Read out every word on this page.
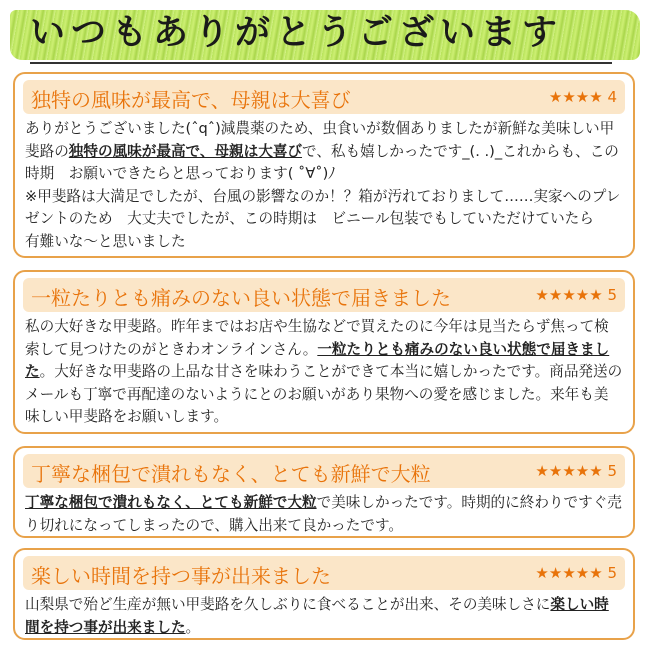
いつもありがとうございます
独特の風味が最高で、母親は大喜び	★★★★ 4
ありがとうございました(ˆqˆ)減農薬のため、虫食いが数個ありましたが新鮮な美味しい甲斐路の独特の風味が最高で、母親は大喜びで、私も嬉しかったです_(. .)_これからも、この時期　お願いできたらと思っております( ˚∀˚)ﾉ
※甲斐路は大満足でしたが、台風の影響なのか！？箱が汚れておりまして……実家へのプレゼントのため　大丈夫でしたが、この時期は　ビニール包装でもしていただけていたら　有難いな〜と思いました
一粒たりとも痛みのない良い状態で届きました	★★★★★ 5
私の大好きな甲斐路。昨年まではお店や生協などで買えたのに今年は見当たらず焦って検索して見つけたのがときわオンラインさん。一粒たりとも痛みのない良い状態で届きました。大好きな甲斐路の上品な甘さを味わうことができて本当に嬉しかったです。商品発送のメールも丁寧で再配達のないようにとのお願いがあり果物への愛を感じました。来年も美味しい甲斐路をお願いします。
丁寧な梱包で潰れもなく、とても新鮮で大粒	★★★★★ 5
丁寧な梱包で潰れもなく、とても新鮮で大粒で美味しかったです。時期的に終わりですぐ売り切れになってしまったので、購入出来て良かったです。
楽しい時間を持つ事が出来ました	★★★★★ 5
山梨県で殆ど生産が無い甲斐路を久しぶりに食べることが出来、その美味しさに楽しい時間を持つ事が出来ました。
